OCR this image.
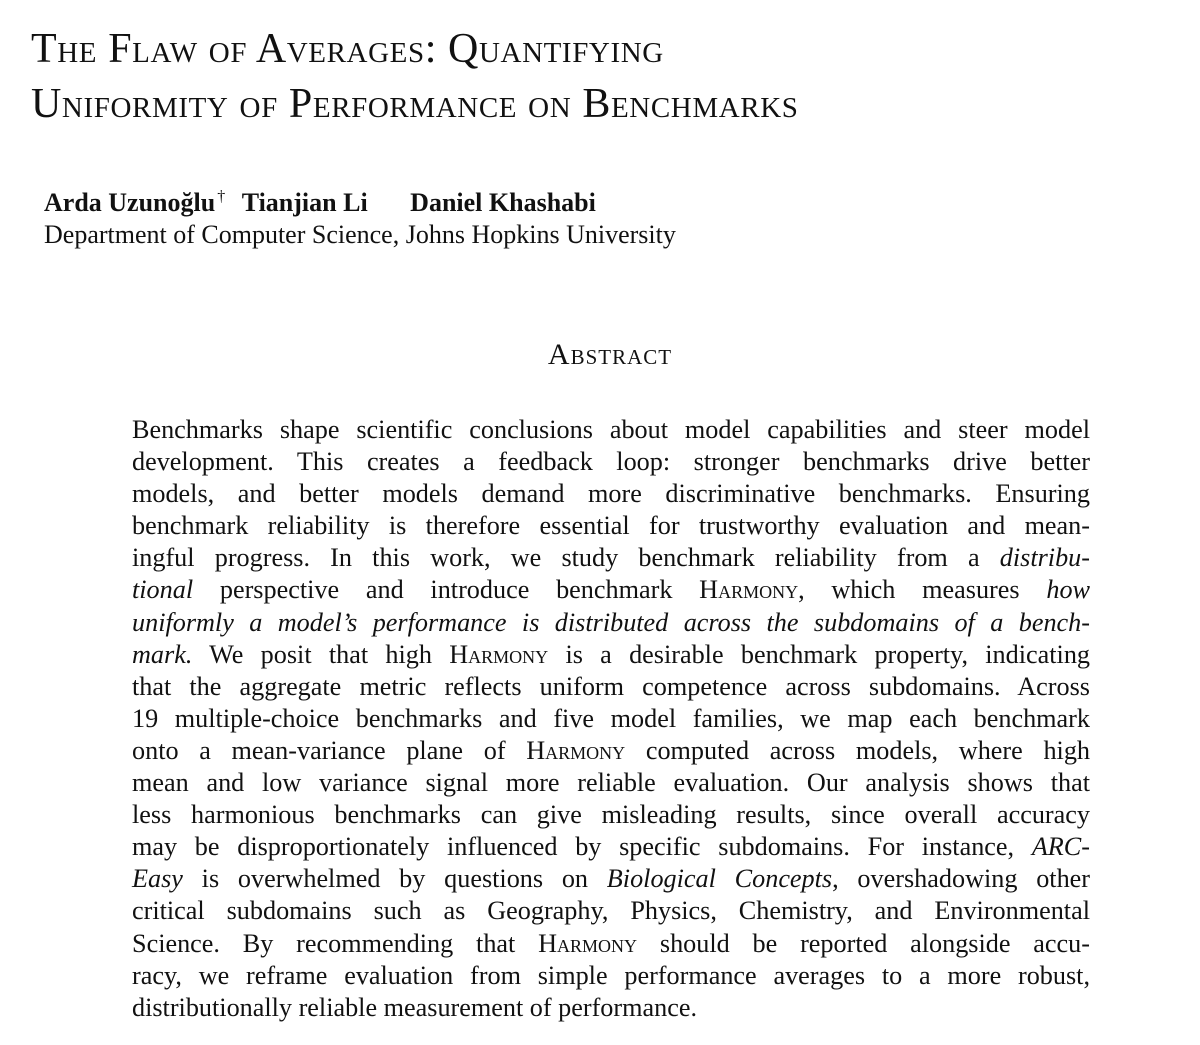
The Flaw of Averages: Quantifying
Uniformity of Performance on Benchmarks
Arda Uzunoğlu † Tianjian Li Daniel Khashabi
Department of Computer Science, Johns Hopkins University
Abstract
Benchmarks shape scientific conclusions about model capabilities and steer model
development. This creates a feedback loop: stronger benchmarks drive better
models, and better models demand more discriminative benchmarks. Ensuring
benchmark reliability is therefore essential for trustworthy evaluation and mean-
ingful progress. In this work, we study benchmark reliability from a distribu-
tional perspective and introduce benchmark Harmony, which measures how
uniformly a model’s performance is distributed across the subdomains of a bench-
mark. We posit that high Harmony is a desirable benchmark property, indicating
that the aggregate metric reflects uniform competence across subdomains. Across
19 multiple-choice benchmarks and five model families, we map each benchmark
onto a mean-variance plane of Harmony computed across models, where high
mean and low variance signal more reliable evaluation. Our analysis shows that
less harmonious benchmarks can give misleading results, since overall accuracy
may be disproportionately influenced by specific subdomains. For instance, ARC-
Easy is overwhelmed by questions on Biological Concepts, overshadowing other
critical subdomains such as Geography, Physics, Chemistry, and Environmental
Science. By recommending that Harmony should be reported alongside accu-
racy, we reframe evaluation from simple performance averages to a more robust,
distributionally reliable measurement of performance.
